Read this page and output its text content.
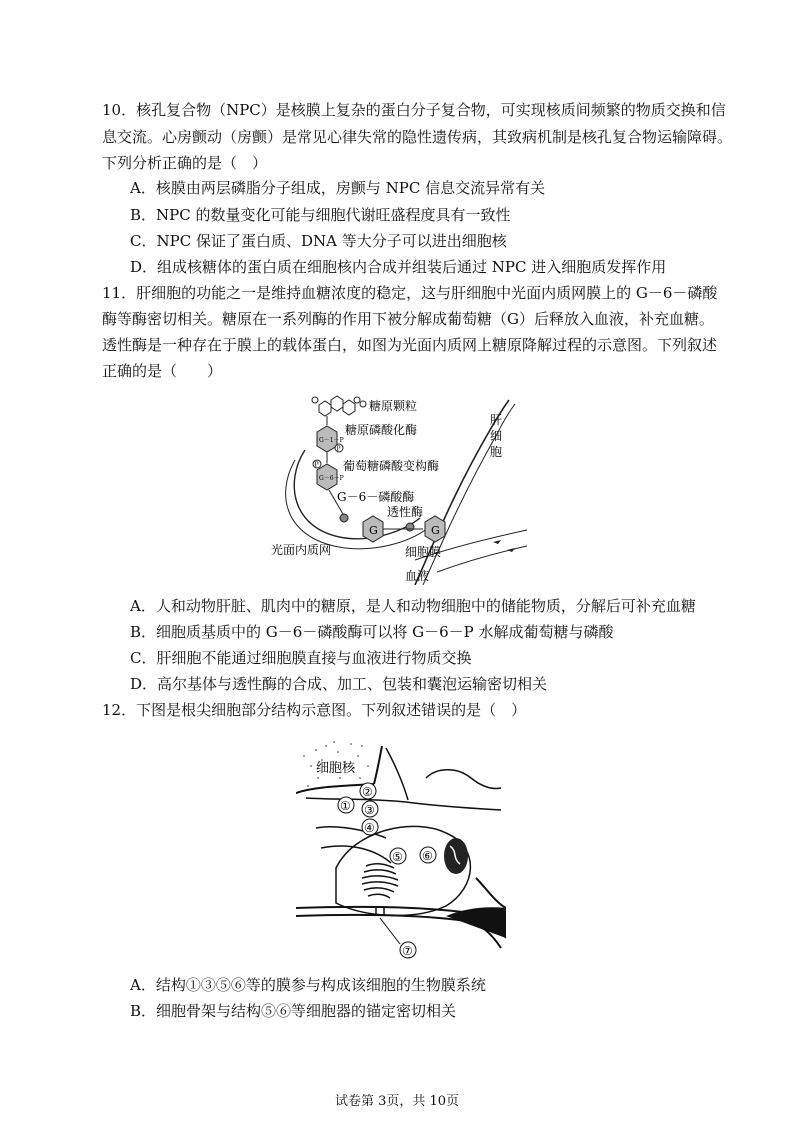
10．核孔复合物（NPC）是核膜上复杂的蛋白分子复合物，可实现核质间频繁的物质交换和信
息交流。心房颤动（房颤）是常见心律失常的隐性遗传病，其致病机制是核孔复合物运输障碍。
下列分析正确的是（　）
A．核膜由两层磷脂分子组成，房颤与 NPC 信息交流异常有关
B．NPC 的数量变化可能与细胞代谢旺盛程度具有一致性
C．NPC 保证了蛋白质、DNA 等大分子可以进出细胞核
D．组成核糖体的蛋白质在细胞核内合成并组装后通过 NPC 进入细胞质发挥作用
11．肝细胞的功能之一是维持血糖浓度的稳定，这与肝细胞中光面内质网膜上的 G－6－磷酸
酶等酶密切相关。糖原在一系列酶的作用下被分解成葡萄糖（G）后释放入血液，补充血糖。
透性酶是一种存在于膜上的载体蛋白，如图为光面内质网上糖原降解过程的示意图。下列叙述
正确的是（　　）
糖原颗粒
肝
细
胞
G－1－P
P
糖原磷酸化酶
G－6－P
P 葡萄糖磷酸变构酶
G－6－磷酸酶
透性酶
G	G
光面内质网	细胞膜
血液
A．人和动物肝脏、肌肉中的糖原，是人和动物细胞中的储能物质，分解后可补充血糖
B．细胞质基质中的 G－6－磷酸酶可以将 G－6－P 水解成葡萄糖与磷酸
C．肝细胞不能通过细胞膜直接与血液进行物质交换
D．高尔基体与透性酶的合成、加工、包装和囊泡运输密切相关
12．下图是根尖细胞部分结构示意图。下列叙述错误的是（　）
细胞核
①
②
③
④
⑤ ⑥
⑦
A．结构①③⑤⑥等的膜参与构成该细胞的生物膜系统
B．细胞骨架与结构⑤⑥等细胞器的锚定密切相关
试卷第 3页，共 10页
